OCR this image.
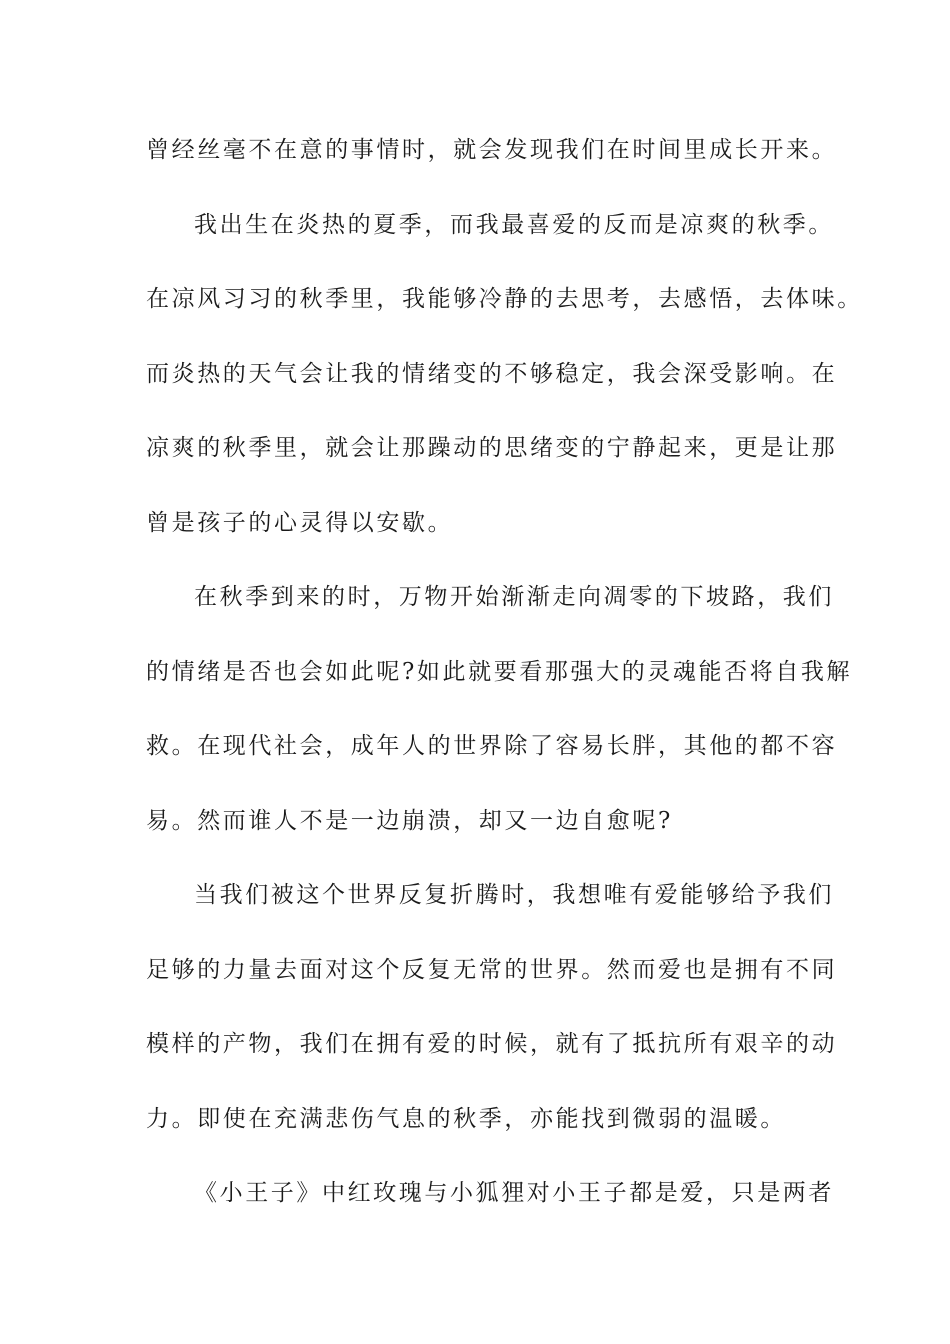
曾经丝毫不在意的事情时，就会发现我们在时间里成长开来。
我出生在炎热的夏季，而我最喜爱的反而是凉爽的秋季。
在凉风习习的秋季里，我能够冷静的去思考，去感悟，去体味。
而炎热的天气会让我的情绪变的不够稳定，我会深受影响。在
凉爽的秋季里，就会让那躁动的思绪变的宁静起来，更是让那
曾是孩子的心灵得以安歇。
在秋季到来的时，万物开始渐渐走向凋零的下坡路，我们
的情绪是否也会如此呢?如此就要看那强大的灵魂能否将自我解
救。在现代社会，成年人的世界除了容易长胖，其他的都不容
易。然而谁人不是一边崩溃，却又一边自愈呢?
当我们被这个世界反复折腾时，我想唯有爱能够给予我们
足够的力量去面对这个反复无常的世界。然而爱也是拥有不同
模样的产物，我们在拥有爱的时候，就有了抵抗所有艰辛的动
力。即使在充满悲伤气息的秋季，亦能找到微弱的温暖。
《小王子》中红玫瑰与小狐狸对小王子都是爱，只是两者
